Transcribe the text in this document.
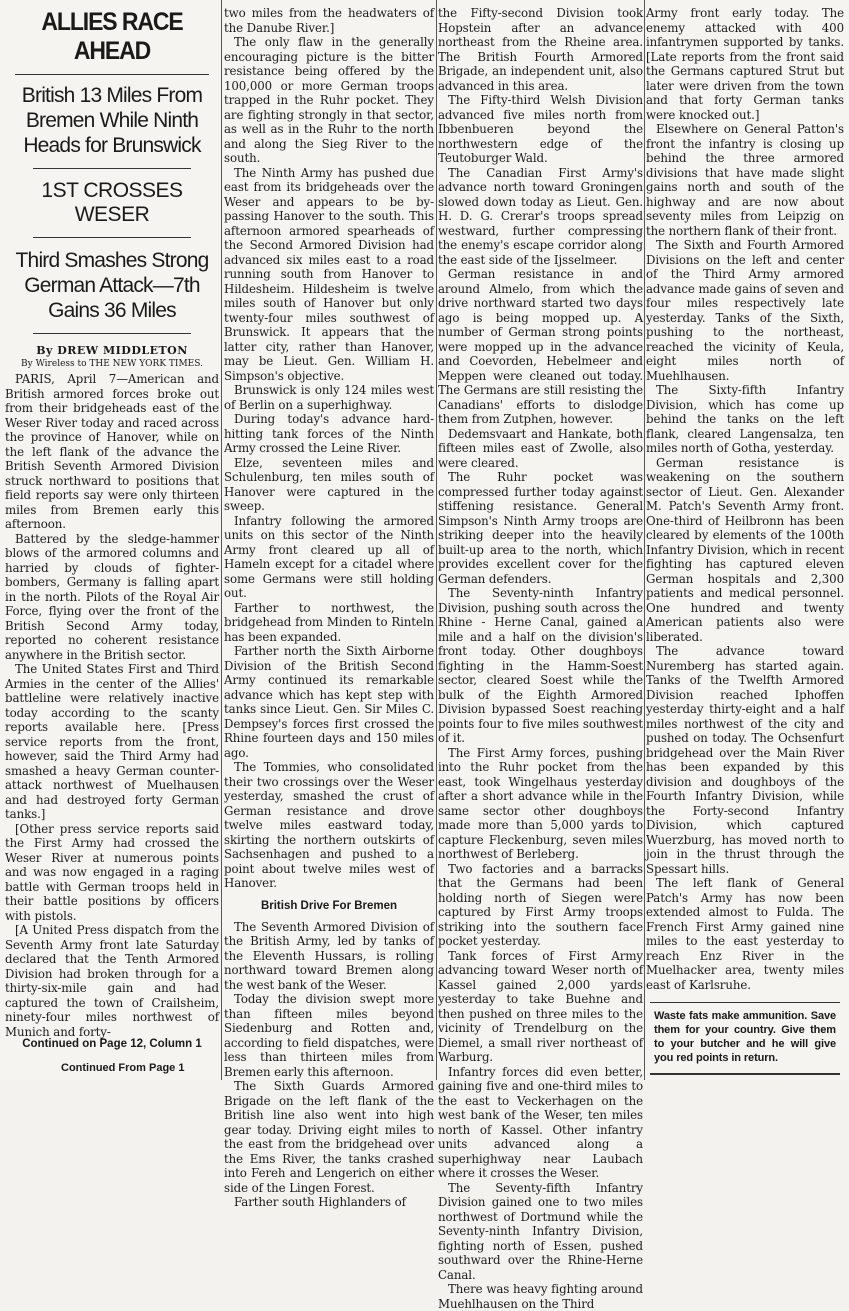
ALLIES RACE AHEAD

British 13 Miles From Bremen While Ninth Heads for Brunswick

1ST CROSSES WESER

Third Smashes Strong German Attack—7th Gains 36 Miles

By DREW MIDDLETON

By Wireless to THE NEW YORK TIMES.

PARIS, April 7—American and British armored forces broke out from their bridgeheads east of the Weser River today and raced across the province of Hanover, while on the left flank of the advance the British Seventh Armored Division struck northward to positions that field reports say were only thirteen miles from Bremen early this afternoon.

Battered by the sledge-hammer blows of the armored columns and harried by clouds of fighter-bombers, Germany is falling apart in the north. Pilots of the Royal Air Force, flying over the front of the British Second Army today, reported no coherent resistance anywhere in the British sector.

The United States First and Third Armies in the center of the Allies' battleline were relatively inactive today according to the scanty reports available here. [Press service reports from the front, however, said the Third Army had smashed a heavy German counter-attack northwest of Muelhausen and had destroyed forty German tanks.]

[Other press service reports said the First Army had crossed the Weser River at numerous points and was now engaged in a raging battle with German troops held in their battle positions by officers with pistols.

[A United Press dispatch from the Seventh Army front late Saturday declared that the Tenth Armored Division had broken through for a thirty-six-mile gain and had captured the town of Crailsheim, ninety-four miles northwest of Munich and forty-

Continued on Page 12, Column 1

Continued From Page 1

two miles from the headwaters of the Danube River.]

The only flaw in the generally encouraging picture is the bitter resistance being offered by the 100,000 or more German troops trapped in the Ruhr pocket. They are fighting strongly in that sector, as well as in the Ruhr to the north and along the Sieg River to the south.

The Ninth Army has pushed due east from its bridgeheads over the Weser and appears to be by-passing Hanover to the south. This afternoon armored spearheads of the Second Armored Division had advanced six miles east to a road running south from Hanover to Hildesheim. Hildesheim is twelve miles south of Hanover but only twenty-four miles southwest of Brunswick. It appears that the latter city, rather than Hanover, may be Lieut. Gen. William H. Simpson's objective.

Brunswick is only 124 miles west of Berlin on a superhighway.

During today's advance hard-hitting tank forces of the Ninth Army crossed the Leine River.

Elze, seventeen miles and Schulenburg, ten miles south of Hanover were captured in the sweep.

Infantry following the armored units on this sector of the Ninth Army front cleared up all of Hameln except for a citadel where some Germans were still holding out.

Farther to northwest, the bridgehead from Minden to Rinteln has been expanded.

Farther north the Sixth Airborne Division of the British Second Army continued its remarkable advance which has kept step with tanks since Lieut. Gen. Sir Miles C. Dempsey's forces first crossed the Rhine fourteen days and 150 miles ago.

The Tommies, who consolidated their two crossings over the Weser yesterday, smashed the crust of German resistance and drove twelve miles eastward today, skirting the northern outskirts of Sachsenhagen and pushed to a point about twelve miles west of Hanover.

British Drive For Bremen

The Seventh Armored Division of the British Army, led by tanks of the Eleventh Hussars, is rolling northward toward Bremen along the west bank of the Weser.

Today the division swept more than fifteen miles beyond Siedenburg and Rotten and, according to field dispatches, were less than thirteen miles from Bremen early this afternoon.

The Sixth Guards Armored Brigade on the left flank of the British line also went into high gear today. Driving eight miles to the east from the bridgehead over the Ems River, the tanks crashed into Fereh and Lengerich on either side of the Lingen Forest.

Farther south Highlanders of

the Fifty-second Division took Hopstein after an advance northeast from the Rheine area. The British Fourth Armored Brigade, an independent unit, also advanced in this area.

The Fifty-third Welsh Division advanced five miles north from Ibbenbueren beyond the northwestern edge of the Teutoburger Wald.

The Canadian First Army's advance north toward Groningen slowed down today as Lieut. Gen. H. D. G. Crerar's troops spread westward, further compressing the enemy's escape corridor along the east side of the Ijsselmeer.

German resistance in and around Almelo, from which the drive northward started two days ago is being mopped up. A number of German strong points were mopped up in the advance and Coevorden, Hebelmeer and Meppen were cleaned out today. The Germans are still resisting the Canadians' efforts to dislodge them from Zutphen, however.

Dedemsvaart and Hankate, both fifteen miles east of Zwolle, also were cleared.

The Ruhr pocket was compressed further today against stiffening resistance. General Simpson's Ninth Army troops are striking deeper into the heavily built-up area to the north, which provides excellent cover for the German defenders.

The Seventy-ninth Infantry Division, pushing south across the Rhine - Herne Canal, gained a mile and a half on the division's front today. Other doughboys fighting in the Hamm-Soest sector, cleared Soest while the bulk of the Eighth Armored Division bypassed Soest reaching points four to five miles southwest of it.

The First Army forces, pushing into the Ruhr pocket from the east, took Wingelhaus yesterday after a short advance while in the same sector other doughboys made more than 5,000 yards to capture Fleckenburg, seven miles northwest of Berleberg.

Two factories and a barracks that the Germans had been holding north of Siegen were captured by First Army troops striking into the southern face pocket yesterday.

Tank forces of First Army advancing toward Weser north of Kassel gained 2,000 yards yesterday to take Buehne and then pushed on three miles to the vicinity of Trendelburg on the Diemel, a small river northeast of Warburg.

Infantry forces did even better, gaining five and one-third miles to the east to Veckerhagen on the west bank of the Weser, ten miles north of Kassel. Other infantry units advanced along a superhighway near Laubach where it crosses the Weser.

The Seventy-fifth Infantry Division gained one to two miles northwest of Dortmund while the Seventy-ninth Infantry Division, fighting north of Essen, pushed southward over the Rhine-Herne Canal.

There was heavy fighting around Muehlhausen on the Third

Army front early today. The enemy attacked with 400 infantrymen supported by tanks. [Late reports from the front said the Germans captured Strut but later were driven from the town and that forty German tanks were knocked out.]

Elsewhere on General Patton's front the infantry is closing up behind the three armored divisions that have made slight gains north and south of the highway and are now about seventy miles from Leipzig on the northern flank of their front.

The Sixth and Fourth Armored Divisions on the left and center of the Third Army armored advance made gains of seven and four miles respectively late yesterday. Tanks of the Sixth, pushing to the northeast, reached the vicinity of Keula, eight miles north of Muehlhausen.

The Sixty-fifth Infantry Division, which has come up behind the tanks on the left flank, cleared Langensalza, ten miles north of Gotha, yesterday.

German resistance is weakening on the southern sector of Lieut. Gen. Alexander M. Patch's Seventh Army front. One-third of Heilbronn has been cleared by elements of the 100th Infantry Division, which in recent fighting has captured eleven German hospitals and 2,300 patients and medical personnel. One hundred and twenty American patients also were liberated.

The advance toward Nuremberg has started again. Tanks of the Twelfth Armored Division reached Iphoffen yesterday thirty-eight and a half miles northwest of the city and pushed on today. The Ochsenfurt bridgehead over the Main River has been expanded by this division and doughboys of the Fourth Infantry Division, while the Forty-second Infantry Division, which captured Wuerzburg, has moved north to join in the thrust through the Spessart hills.

The left flank of General Patch's Army has now been extended almost to Fulda. The French First Army gained nine miles to the east yesterday to reach Enz River in the Muelhacker area, twenty miles east of Karlsruhe.

Waste fats make ammunition. Save them for your country. Give them to your butcher and he will give you red points in return.
